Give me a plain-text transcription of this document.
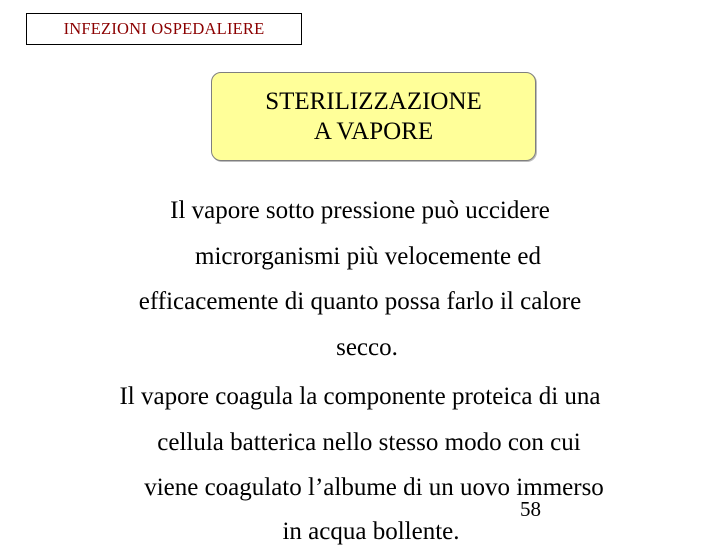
INFEZIONI OSPEDALIERE
STERILIZZAZIONE
A VAPORE
Il vapore sotto pressione può uccidere
microrganismi più velocemente ed
efficacemente di quanto possa farlo il calore
secco.
Il vapore coagula la componente proteica di una
cellula batterica nello stesso modo con cui
viene coagulato l’albume di un uovo immerso
in acqua bollente.
58
